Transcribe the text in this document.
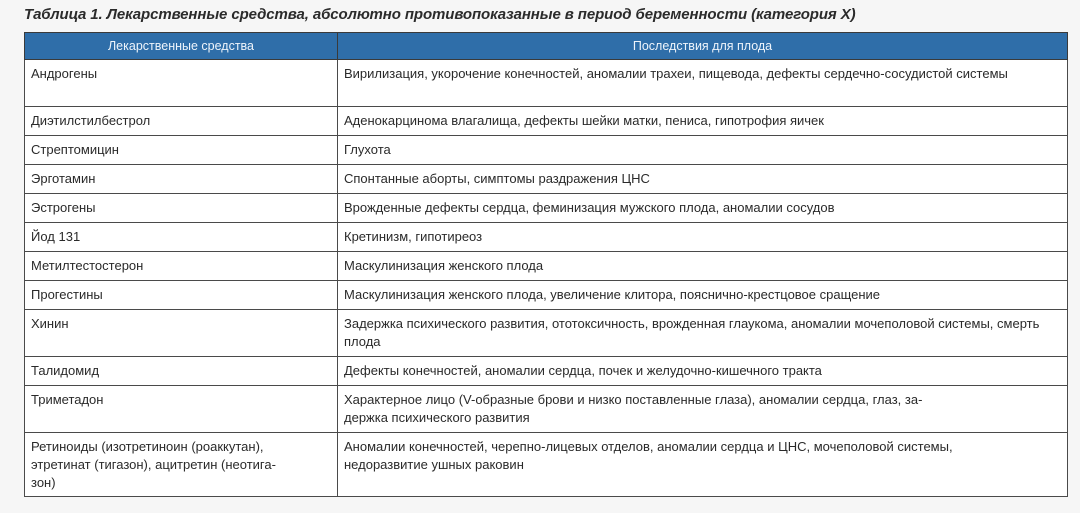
Таблица 1. Лекарственные средства, абсолютно противопоказанные в период беременности (категория X)
Лекарственные средства	Последствия для плода
Андрогены	Вирилизация, укорочение конечностей, аномалии трахеи, пищевода, дефекты сердечно-сосудистой системы
Диэтилстилбестрол	Аденокарцинома влагалища, дефекты шейки матки, пениса, гипотрофия яичек
Стрептомицин	Глухота
Эрготамин	Спонтанные аборты, симптомы раздражения ЦНС
Эстрогены	Врожденные дефекты сердца, феминизация мужского плода, аномалии сосудов
Йод 131	Кретинизм, гипотиреоз
Метилтестостерон	Маскулинизация женского плода
Прогестины	Маскулинизация женского плода, увеличение клитора, пояснично-крестцовое сращение
Хинин	Задержка психического развития, ототоксичность, врожденная глаукома, аномалии мочеполовой системы, смерть плода
Талидомид	Дефекты конечностей, аномалии сердца, почек и желудочно-кишечного тракта
Триметадон	Характерное лицо (V-образные брови и низко поставленные глаза), аномалии сердца, глаз, за-
держка психического развития
Ретиноиды (изотретиноин (роаккутан),
этретинат (тигазон), ацитретин (неотига-
зон)	Аномалии конечностей, черепно-лицевых отделов, аномалии сердца и ЦНС, мочеполовой системы,
недоразвитие ушных раковин
